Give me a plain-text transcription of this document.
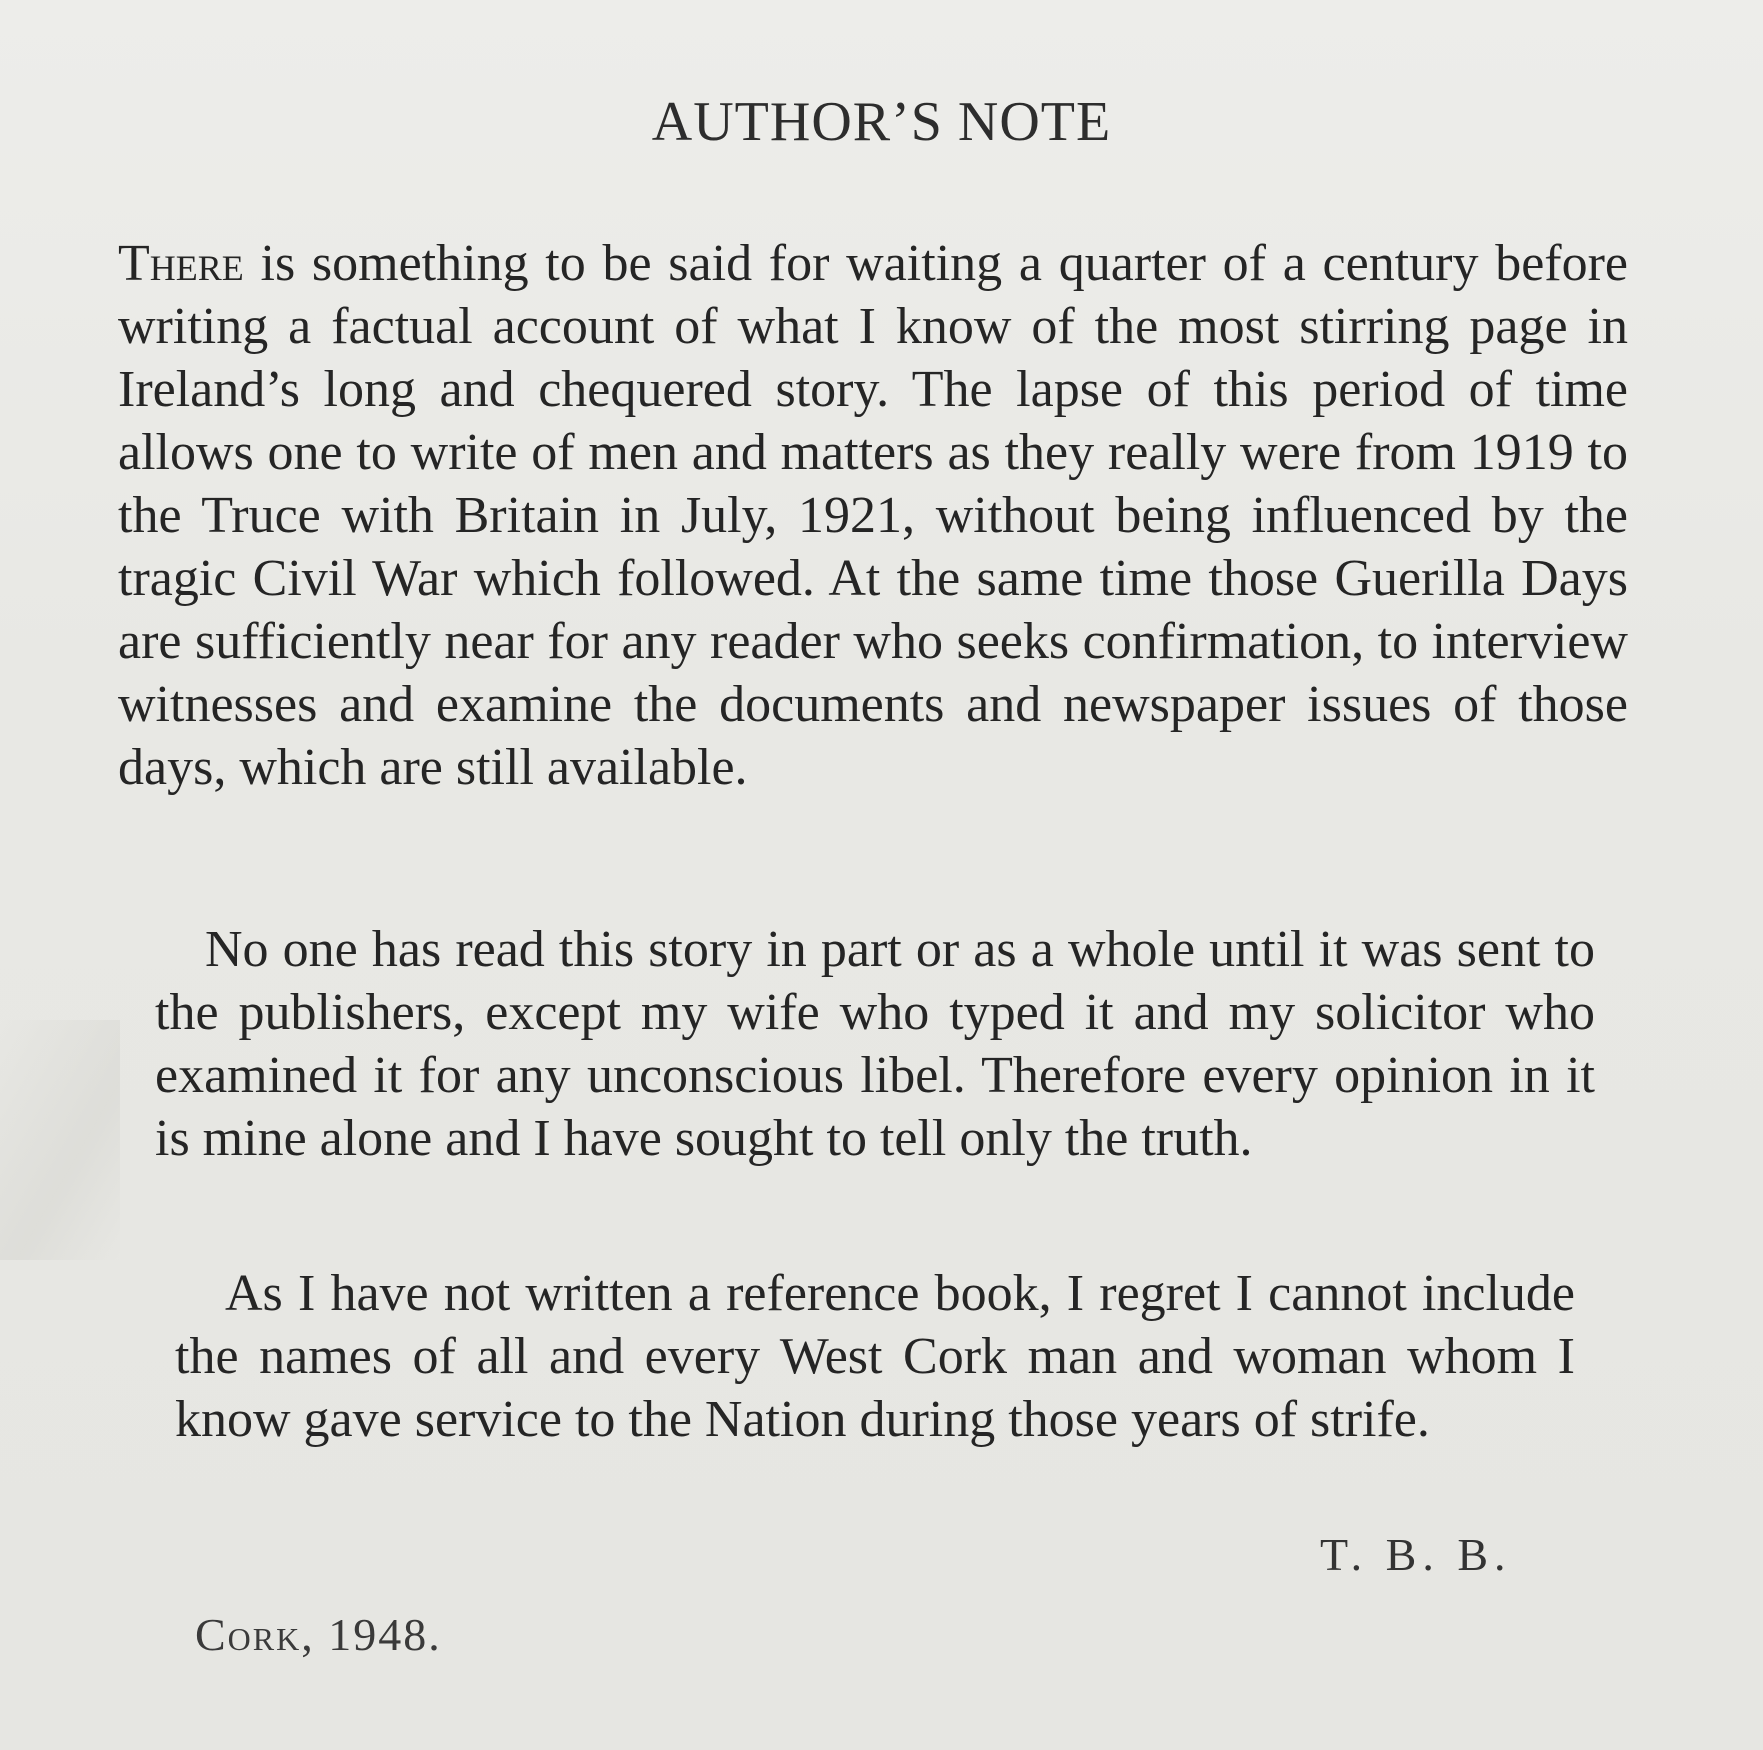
AUTHOR’S NOTE

There is something to be said for waiting a quarter of a century before writing a factual account of what I know of the most stirring page in Ireland’s long and chequered story. The lapse of this period of time allows one to write of men and matters as they really were from 1919 to the Truce with Britain in July, 1921, without being influenced by the tragic Civil War which followed. At the same time those Guerilla Days are sufficiently near for any reader who seeks confirmation, to interview witnesses and examine the documents and newspaper issues of those days, which are still available.

No one has read this story in part or as a whole until it was sent to the publishers, except my wife who typed it and my solicitor who examined it for any unconscious libel. Therefore every opinion in it is mine alone and I have sought to tell only the truth.

As I have not written a reference book, I regret I cannot include the names of all and every West Cork man and woman whom I know gave service to the Nation during those years of strife.

T. B. B.
Cork, 1948.
